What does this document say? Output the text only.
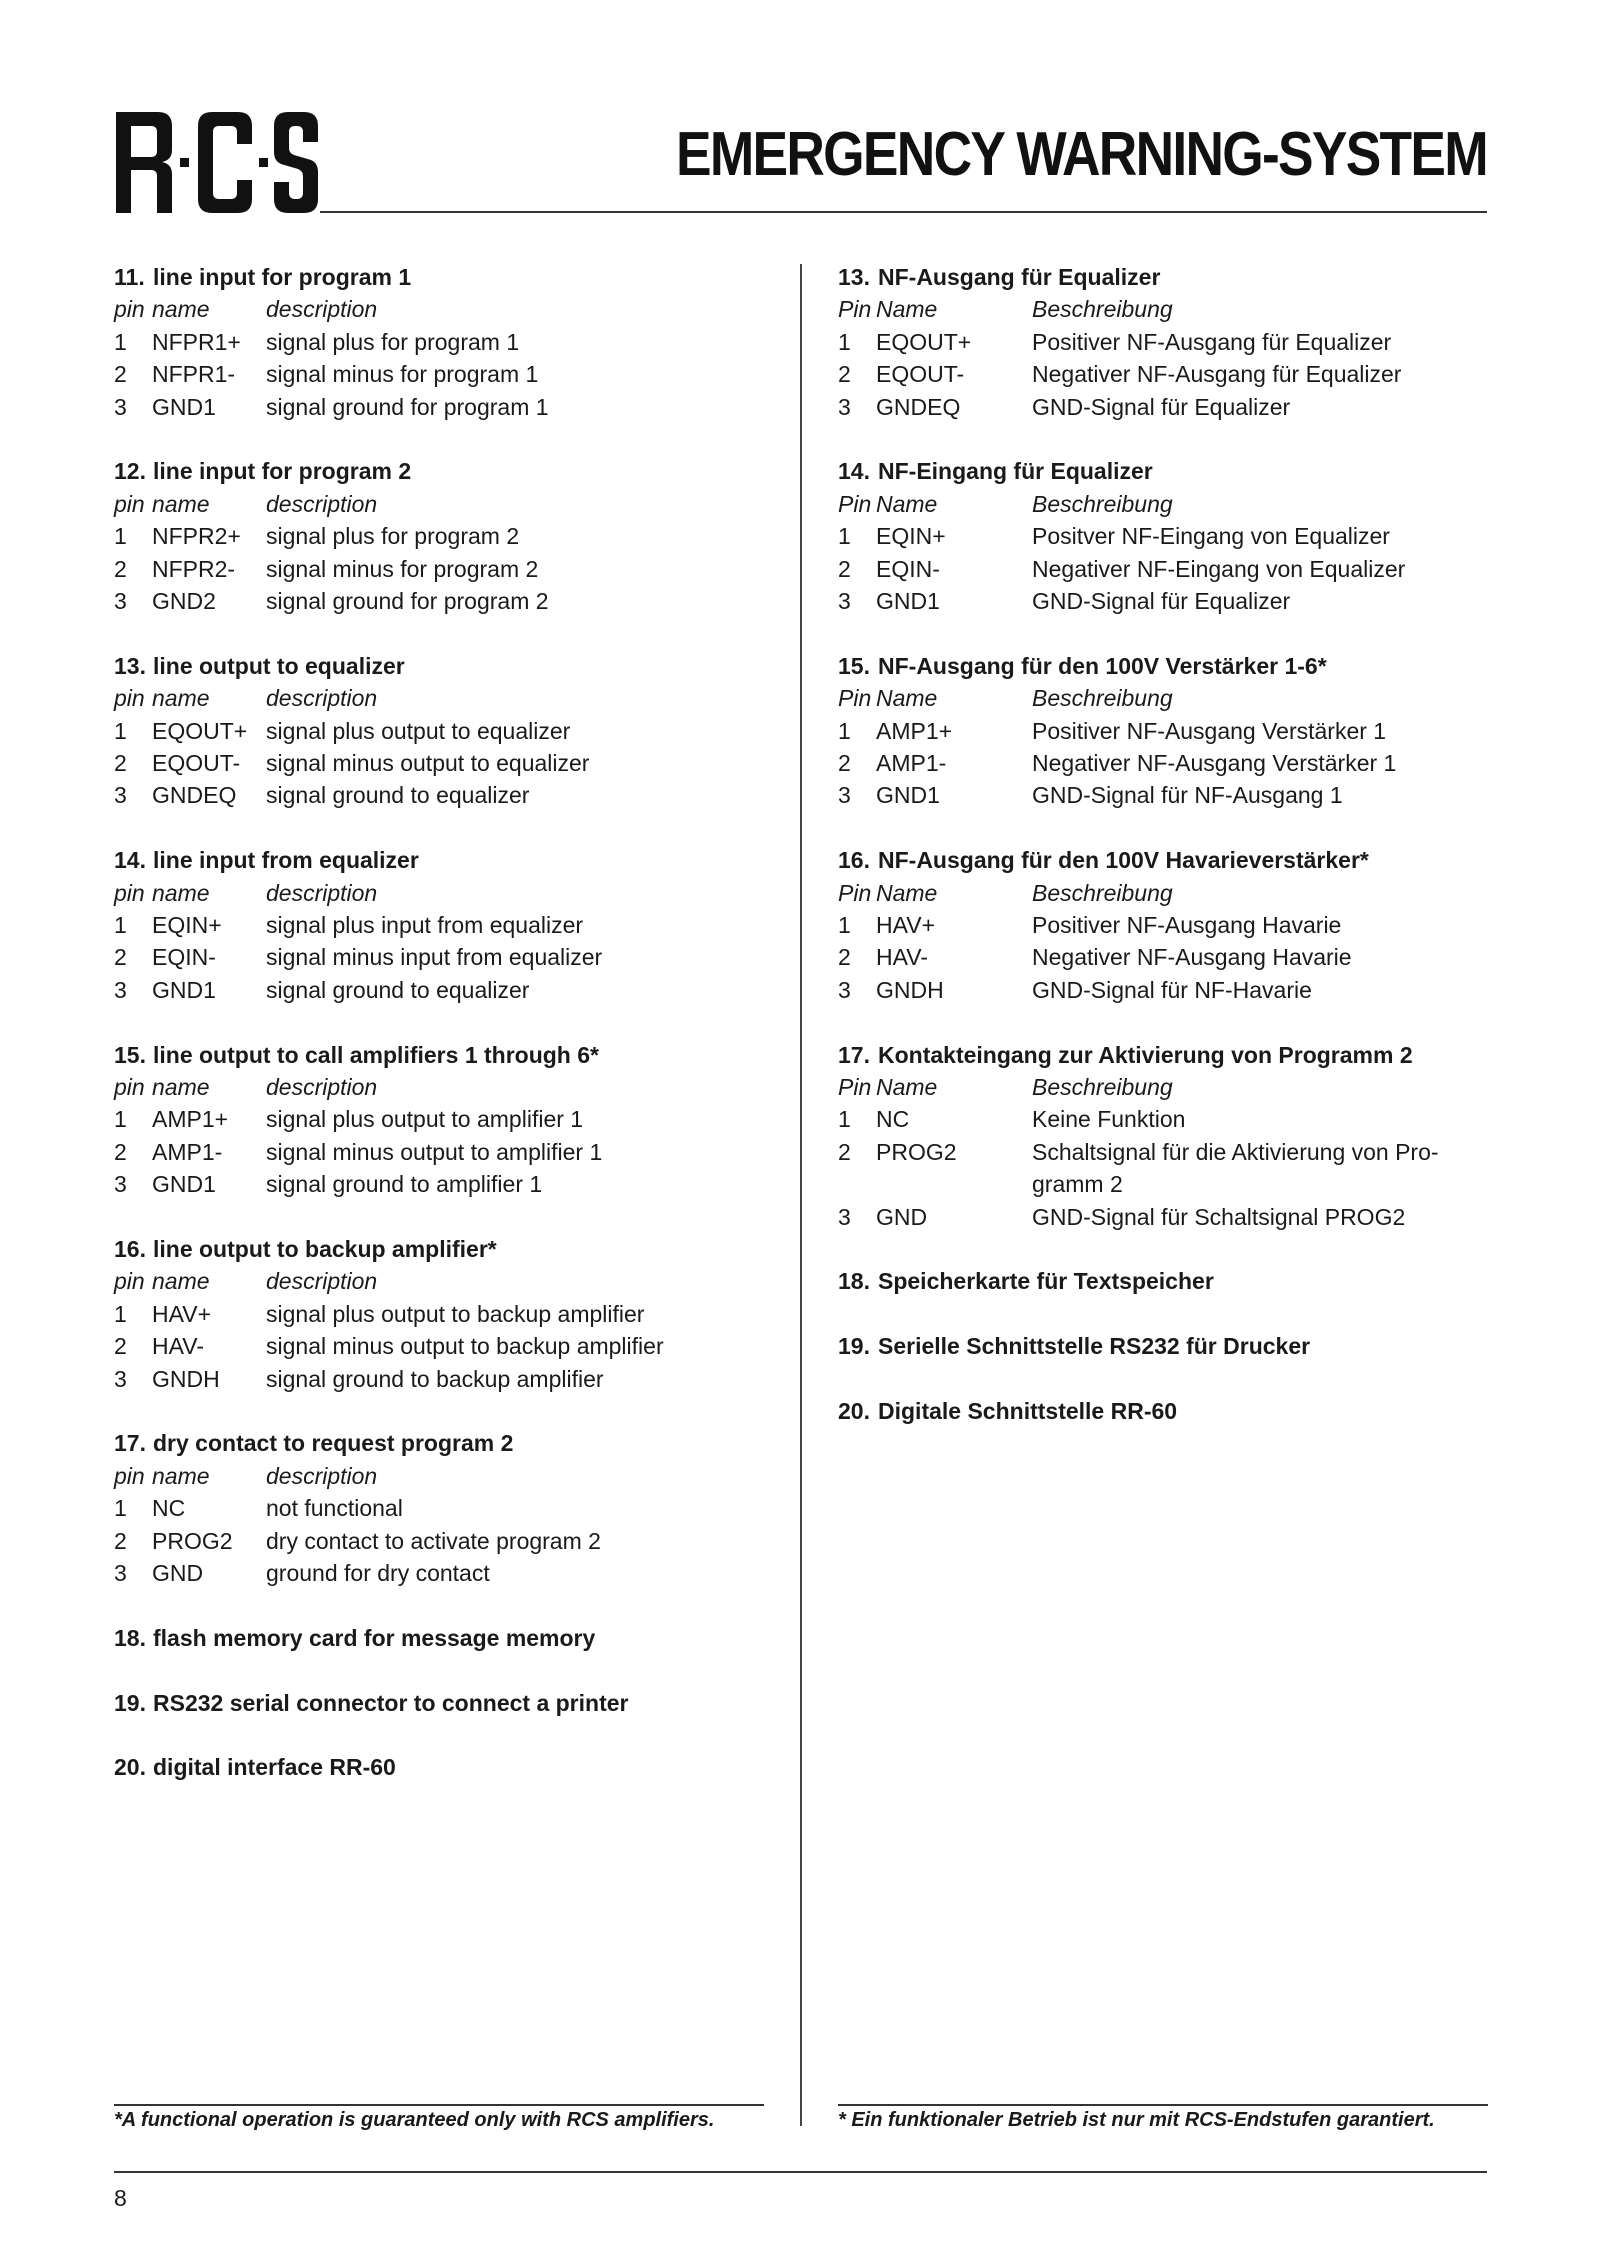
EMERGENCY WARNING-SYSTEM
11. line input for program 1
pin	name	description
1	NFPR1+	signal plus for program 1
2	NFPR1-	signal minus for program 1
3	GND1	signal ground for program 1
12. line input for program 2
pin	name	description
1	NFPR2+	signal plus for program 2
2	NFPR2-	signal minus for program 2
3	GND2	signal ground for program 2
13. line output to equalizer
pin	name	description
1	EQOUT+	signal plus output to equalizer
2	EQOUT-	signal minus output to equalizer
3	GNDEQ	signal ground to equalizer
14. line input from equalizer
pin	name	description
1	EQIN+	signal plus input from equalizer
2	EQIN-	signal minus input from equalizer
3	GND1	signal ground to equalizer
15. line output to call amplifiers 1 through 6*
pin	name	description
1	AMP1+	signal plus output to amplifier 1
2	AMP1-	signal minus output to amplifier 1
3	GND1	signal ground to amplifier 1
16. line output to backup amplifier*
pin	name	description
1	HAV+	signal plus output to backup amplifier
2	HAV-	signal minus output to backup amplifier
3	GNDH	signal ground to backup amplifier
17. dry contact to request program 2
pin	name	description
1	NC	not functional
2	PROG2	dry contact to activate program 2
3	GND	ground for dry contact
18. flash memory card for message memory
19. RS232 serial connector to connect a printer
20. digital interface RR-60
13. NF-Ausgang für Equalizer
Pin	Name	Beschreibung
1	EQOUT+	Positiver NF-Ausgang für Equalizer
2	EQOUT-	Negativer NF-Ausgang für Equalizer
3	GNDEQ	GND-Signal für Equalizer
14. NF-Eingang für Equalizer
Pin	Name	Beschreibung
1	EQIN+	Positver NF-Eingang von Equalizer
2	EQIN-	Negativer NF-Eingang von Equalizer
3	GND1	GND-Signal für Equalizer
15. NF-Ausgang für den 100V Verstärker 1-6*
Pin	Name	Beschreibung
1	AMP1+	Positiver NF-Ausgang Verstärker 1
2	AMP1-	Negativer NF-Ausgang Verstärker 1
3	GND1	GND-Signal für NF-Ausgang 1
16. NF-Ausgang für den 100V Havarieverstärker*
Pin	Name	Beschreibung
1	HAV+	Positiver NF-Ausgang Havarie
2	HAV-	Negativer NF-Ausgang Havarie
3	GNDH	GND-Signal für NF-Havarie
17. Kontakteingang zur Aktivierung von Programm 2
Pin	Name	Beschreibung
1	NC	Keine Funktion
2	PROG2	Schaltsignal für die Aktivierung von Pro-gramm 2
3	GND	GND-Signal für Schaltsignal PROG2
18. Speicherkarte für Textspeicher
19. Serielle Schnittstelle RS232 für Drucker
20. Digitale Schnittstelle RR-60
*A functional operation is guaranteed only with RCS amplifiers.	* Ein funktionaler Betrieb ist nur mit RCS-Endstufen garantiert.
8
